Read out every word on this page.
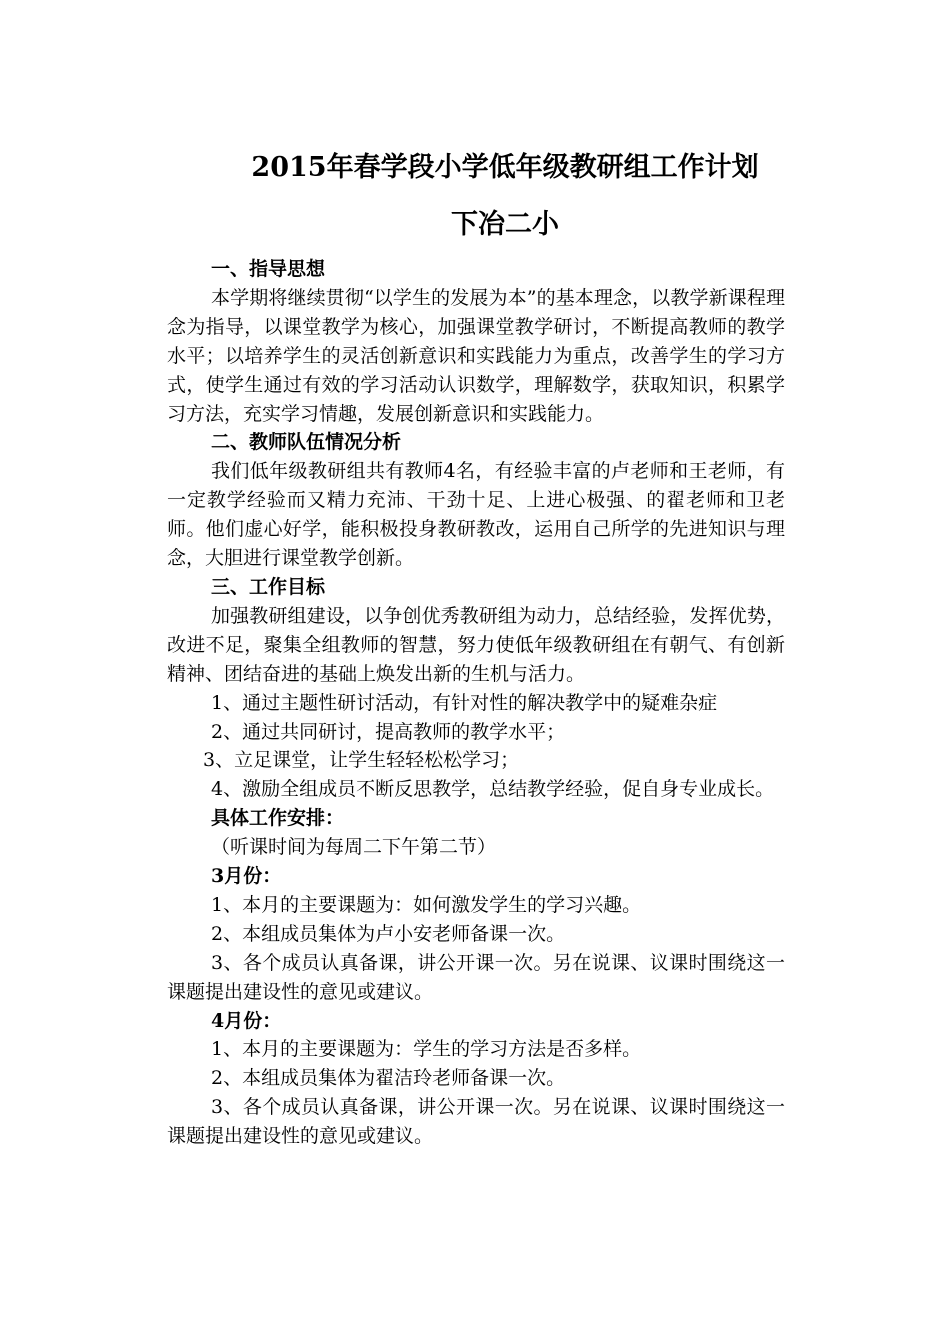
2015年春学段小学低年级教研组工作计划
下冶二小

一、指导思想

本学期将继续贯彻“以学生的发展为本”的基本理念，以教学新课程理念为指导，以课堂教学为核心，加强课堂教学研讨，不断提高教师的教学水平；以培养学生的灵活创新意识和实践能力为重点，改善学生的学习方式，使学生通过有效的学习活动认识数学，理解数学，获取知识，积累学习方法，充实学习情趣，发展创新意识和实践能力。

二、教师队伍情况分析

我们低年级教研组共有教师4名，有经验丰富的卢老师和王老师，有一定教学经验而又精力充沛、干劲十足、上进心极强、的翟老师和卫老师。他们虚心好学，能积极投身教研教改，运用自己所学的先进知识与理念，大胆进行课堂教学创新。

三、工作目标

加强教研组建设，以争创优秀教研组为动力，总结经验，发挥优势，改进不足，聚集全组教师的智慧，努力使低年级教研组在有朝气、有创新精神、团结奋进的基础上焕发出新的生机与活力。

1、通过主题性研讨活动，有针对性的解决教学中的疑难杂症

2、通过共同研讨，提高教师的教学水平；

3、立足课堂，让学生轻轻松松学习；

4、激励全组成员不断反思教学，总结教学经验，促自身专业成长。

具体工作安排：

（听课时间为每周二下午第二节）

3月份：

1、本月的主要课题为：如何激发学生的学习兴趣。

2、本组成员集体为卢小安老师备课一次。

3、各个成员认真备课，讲公开课一次。另在说课、议课时围绕这一课题提出建设性的意见或建议。

4月份：

1、本月的主要课题为：学生的学习方法是否多样。

2、本组成员集体为翟洁玲老师备课一次。

3、各个成员认真备课，讲公开课一次。另在说课、议课时围绕这一课题提出建设性的意见或建议。
